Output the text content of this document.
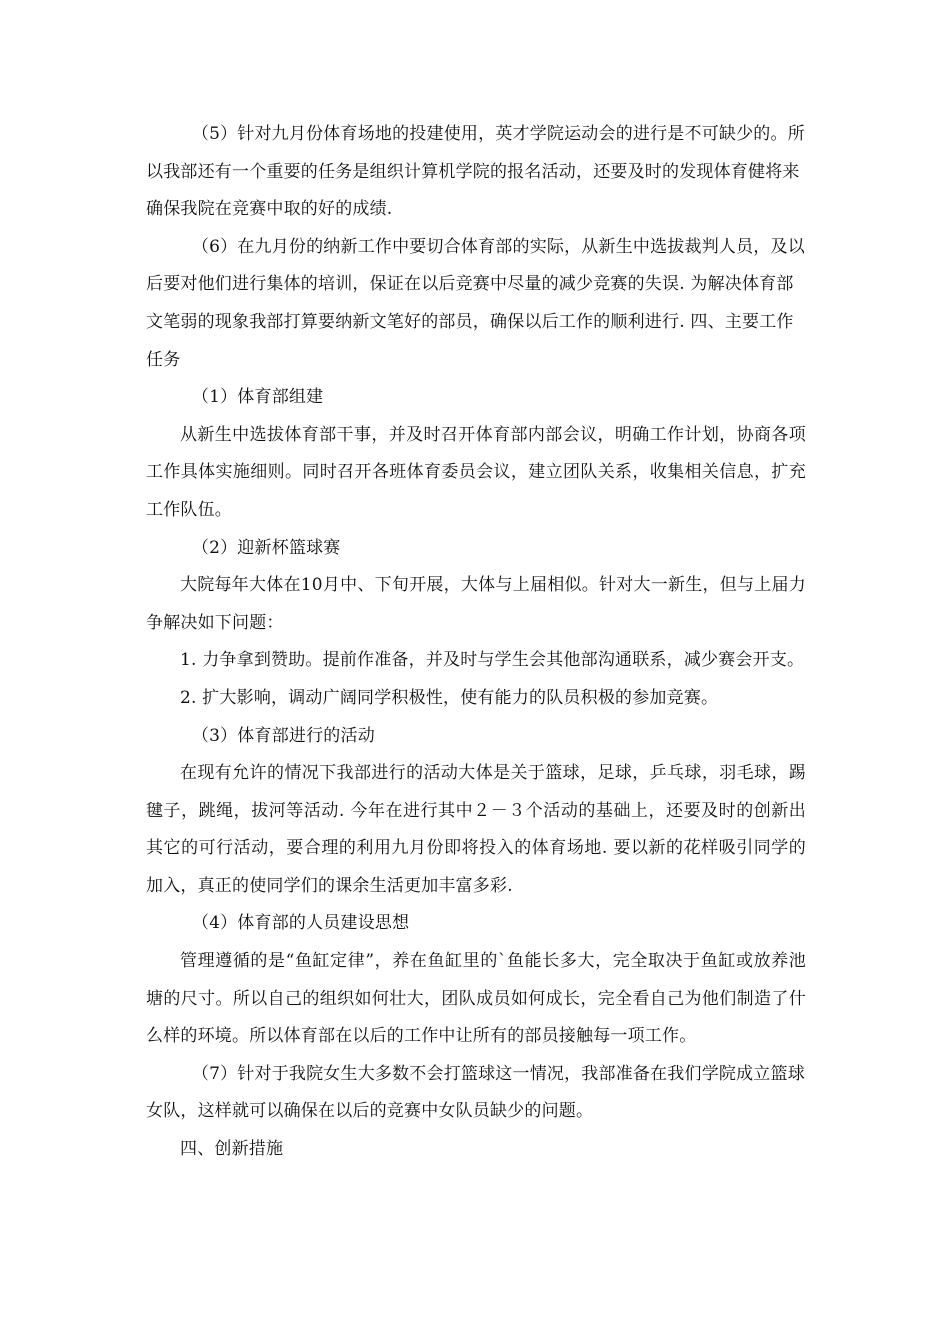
（5）针对九月份体育场地的投建使用，英才学院运动会的进行是不可缺少的。所以我部还有一个重要的任务是组织计算机学院的报名活动，还要及时的发现体育健将来确保我院在竞赛中取的好的成绩.

（6）在九月份的纳新工作中要切合体育部的实际，从新生中选拔裁判人员，及以后要对他们进行集体的培训，保证在以后竞赛中尽量的减少竞赛的失误. 为解决体育部文笔弱的现象我部打算要纳新文笔好的部员，确保以后工作的顺利进行. 四、主要工作任务

（1）体育部组建

从新生中选拔体育部干事，并及时召开体育部内部会议，明确工作计划，协商各项工作具体实施细则。同时召开各班体育委员会议，建立团队关系，收集相关信息，扩充工作队伍。

（2）迎新杯篮球赛

大院每年大体在10月中、下旬开展，大体与上届相似。针对大一新生，但与上届力争解决如下问题：

1. 力争拿到赞助。提前作准备，并及时与学生会其他部沟通联系，减少赛会开支。

2. 扩大影响，调动广阔同学积极性，使有能力的队员积极的参加竞赛。

（3）体育部进行的活动

在现有允许的情况下我部进行的活动大体是关于篮球，足球，乒乓球，羽毛球，踢毽子，跳绳，拔河等活动. 今年在进行其中２－３个活动的基础上，还要及时的创新出其它的可行活动，要合理的利用九月份即将投入的体育场地. 要以新的花样吸引同学的加入，真正的使同学们的课余生活更加丰富多彩.

（4）体育部的人员建设思想

管理遵循的是“鱼缸定律”，养在鱼缸里的`鱼能长多大，完全取决于鱼缸或放养池塘的尺寸。所以自己的组织如何壮大，团队成员如何成长，完全看自己为他们制造了什么样的环境。所以体育部在以后的工作中让所有的部员接触每一项工作。

（7）针对于我院女生大多数不会打篮球这一情况，我部准备在我们学院成立篮球女队，这样就可以确保在以后的竞赛中女队员缺少的问题。

四、创新措施
